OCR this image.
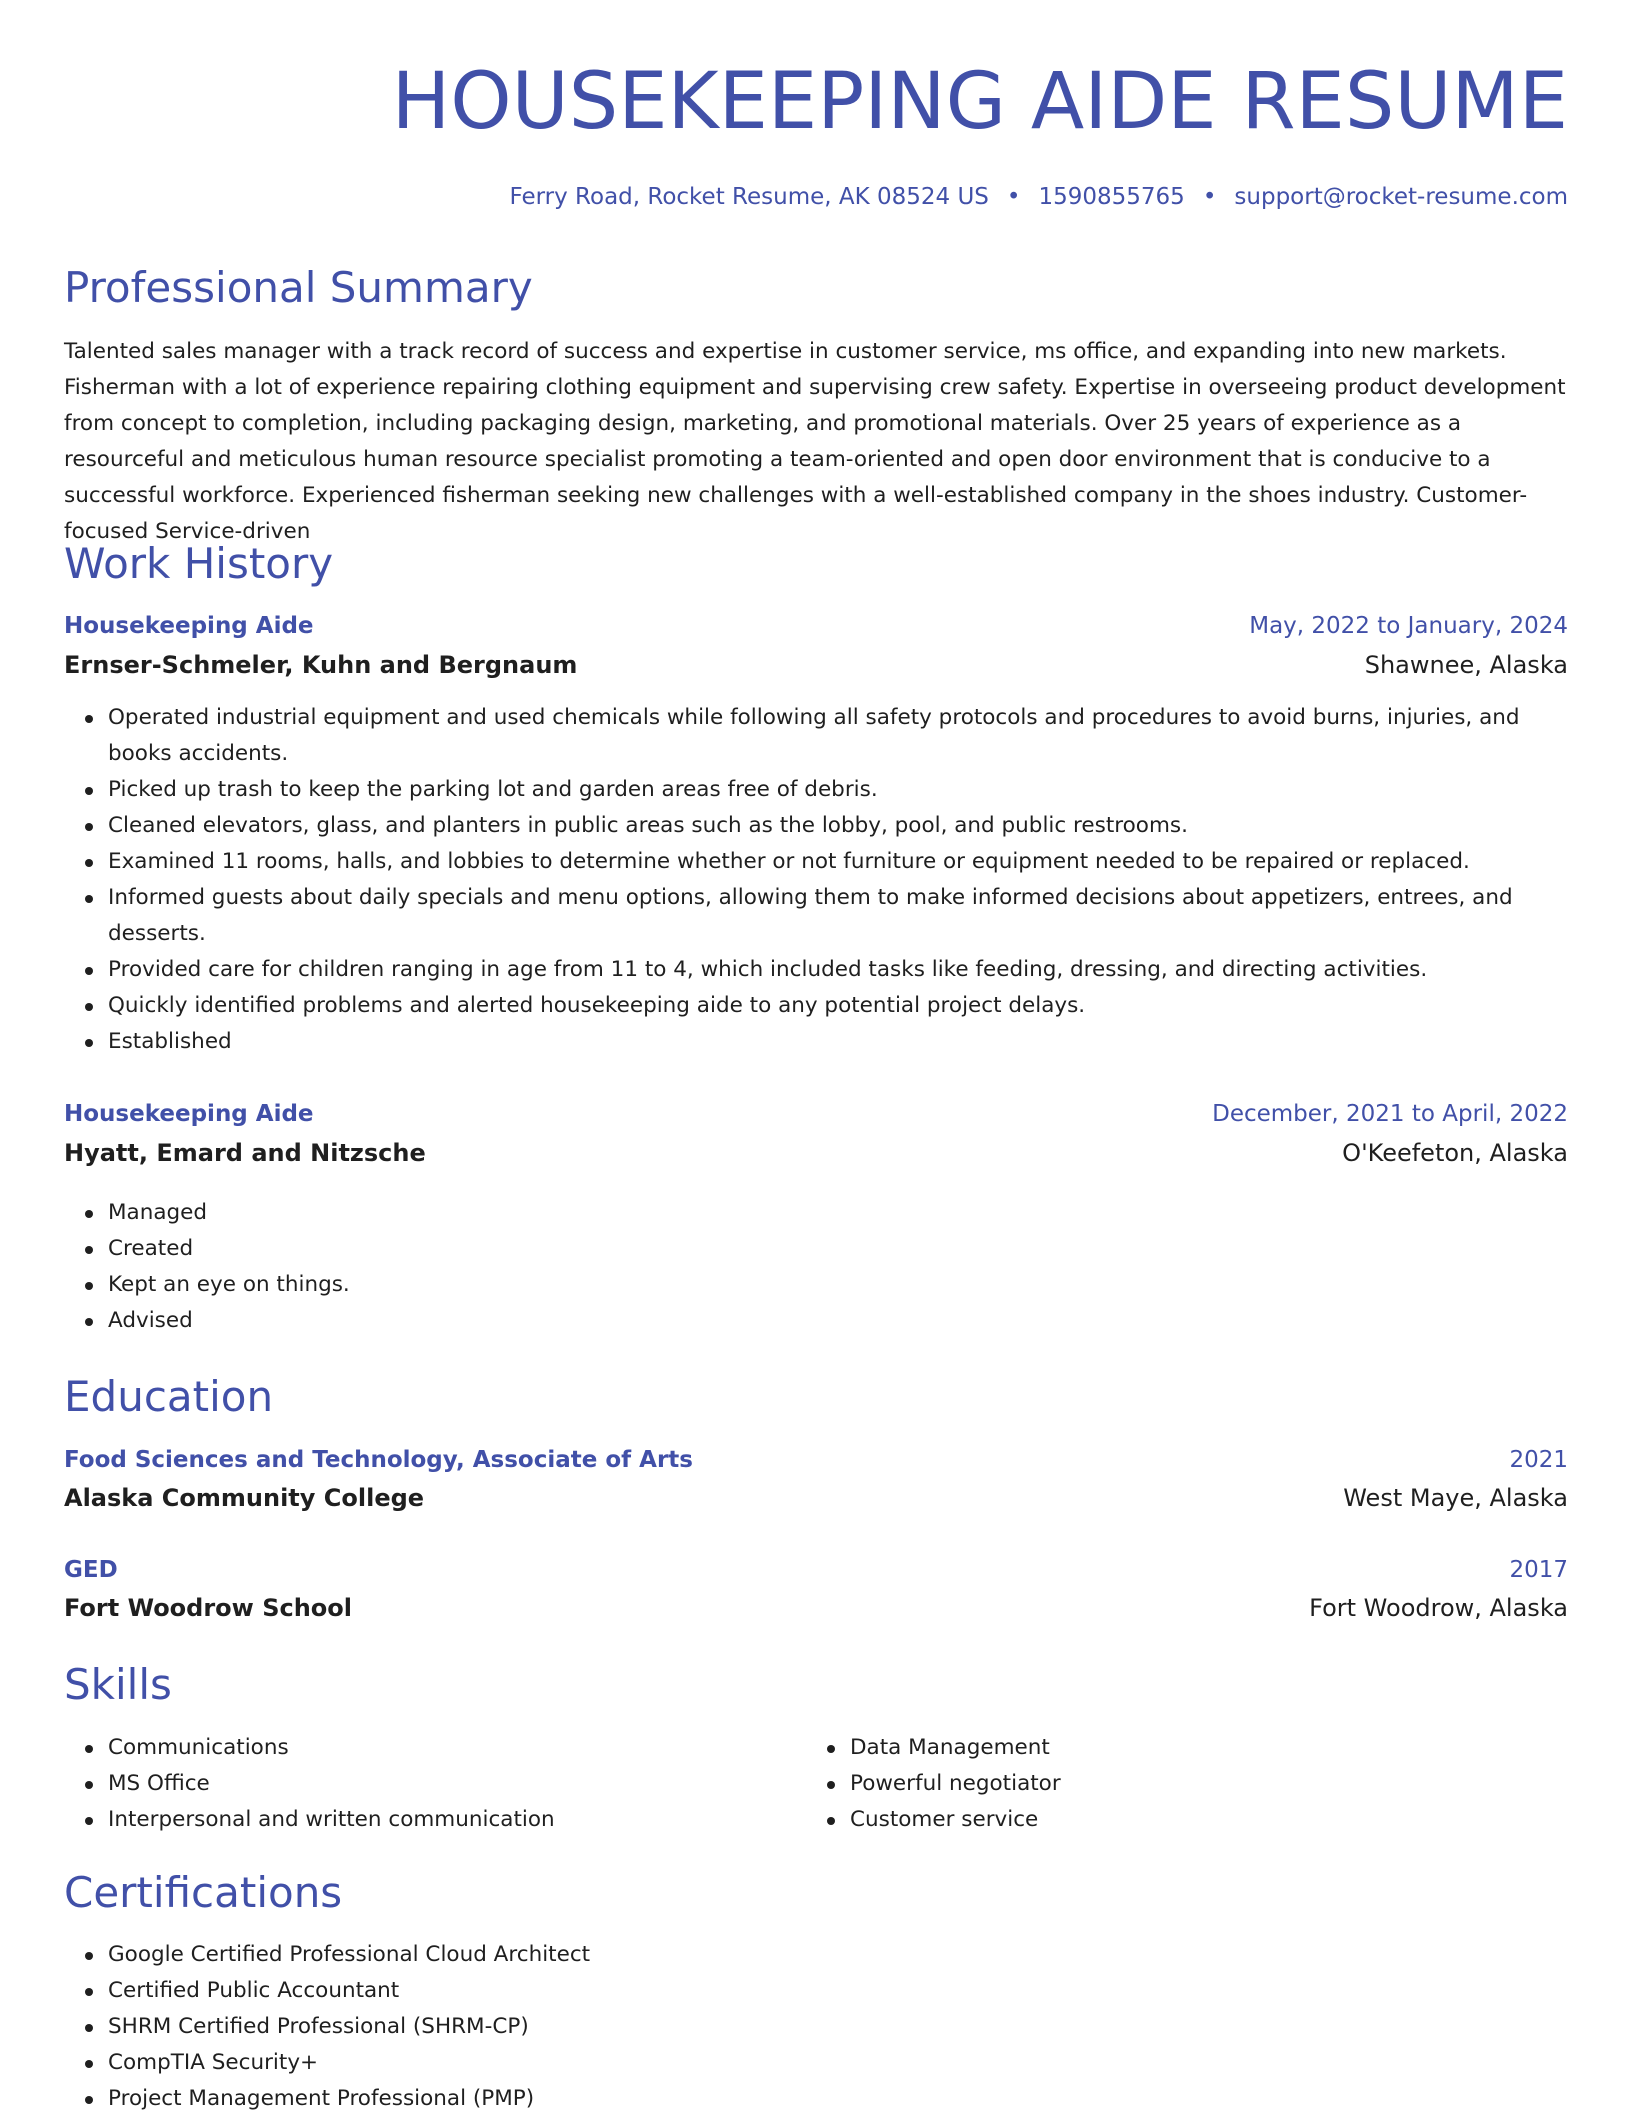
HOUSEKEEPING AIDE RESUME
Ferry Road, Rocket Resume, AK 08524 US • 1590855765 • support@rocket-resume.com
Professional Summary
Talented sales manager with a track record of success and expertise in customer service, ms office, and expanding into new markets. Fisherman with a lot of experience repairing clothing equipment and supervising crew safety. Expertise in overseeing product development from concept to completion, including packaging design, marketing, and promotional materials. Over 25 years of experience as a resourceful and meticulous human resource specialist promoting a team-oriented and open door environment that is conducive to a successful workforce. Experienced fisherman seeking new challenges with a well-established company in the shoes industry. Customer-focused Service-driven
Work History
Housekeeping Aide	May, 2022 to January, 2024
Ernser-Schmeler, Kuhn and Bergnaum	Shawnee, Alaska
Operated industrial equipment and used chemicals while following all safety protocols and procedures to avoid burns, injuries, and books accidents.
Picked up trash to keep the parking lot and garden areas free of debris.
Cleaned elevators, glass, and planters in public areas such as the lobby, pool, and public restrooms.
Examined 11 rooms, halls, and lobbies to determine whether or not furniture or equipment needed to be repaired or replaced.
Informed guests about daily specials and menu options, allowing them to make informed decisions about appetizers, entrees, and desserts.
Provided care for children ranging in age from 11 to 4, which included tasks like feeding, dressing, and directing activities.
Quickly identified problems and alerted housekeeping aide to any potential project delays.
Established
Housekeeping Aide	December, 2021 to April, 2022
Hyatt, Emard and Nitzsche	O'Keefeton, Alaska
Managed
Created
Kept an eye on things.
Advised
Education
Food Sciences and Technology, Associate of Arts	2021
Alaska Community College	West Maye, Alaska
GED	2017
Fort Woodrow School	Fort Woodrow, Alaska
Skills
Communications
MS Office
Interpersonal and written communication
Data Management
Powerful negotiator
Customer service
Certifications
Google Certified Professional Cloud Architect
Certified Public Accountant
SHRM Certified Professional (SHRM-CP)
CompTIA Security+
Project Management Professional (PMP)
